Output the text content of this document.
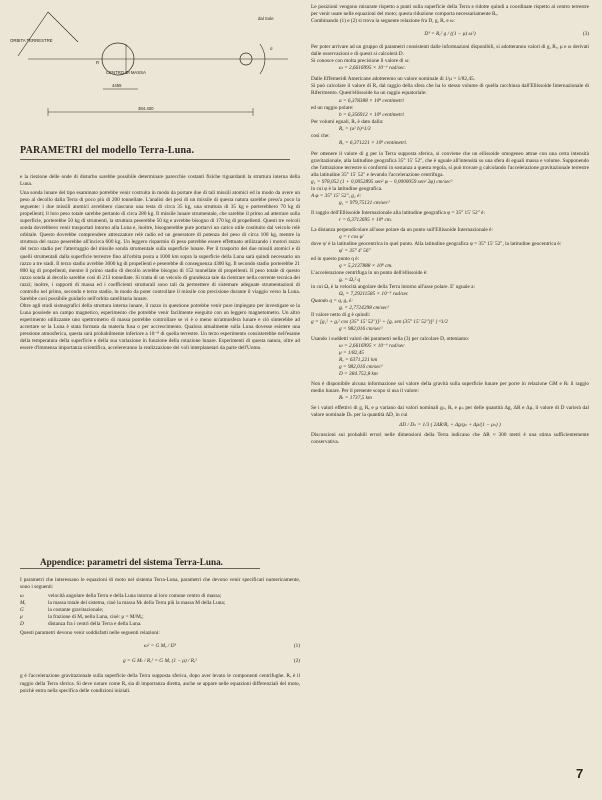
ORBITA TERRESTRE
CENTRO DI MASSA
dal Sole
4455
384.400
R
σ
PARAMETRI del modello Terra-Luna.

e la riezione delle onde di disturbo sarebbe possibile determinare parecchie costanti fisiche riguardanti la struttura interna della Luna.

Una sonda lunare del tipo esaminato potrebbe venir costruita in modo da portare due di tali missili atomici ed in modo da avere un peso al decollo dalla Terra di poco più di 200 tonnellate. L'analisi dei pesi di un missile di questa natura sarebbe press'a poco la seguente: i due missili atomici avrebbero ciascuno una testa di circa 35 kg, una struttura di 35 kg e porterebbero 70 kg di propellenti; il loro peso totale sarebbe pertanto di circa 280 kg. Il missile lunare strumentale, che sarebbe il primo ad atterrare sulla superficie, porterebbe 50 kg di strumenti, la struttura peserebbe 50 kg e avrebbe bisogno di 170 kg di propellenti. Questi tre veicoli sonda dovrebbero venir trasportati intorno alla Luna e, inoltre, bisognerebbe pure portarvi un carico utile costituito dal veicolo relè orbitale. Questo dovrebbe comprendere attrezzature relè radio ed un generatore di potenza del peso di circa 100 kg, mentre la struttura del razzo peserebbe all'incirca 600 kg. Un leggero risparmio di peso potrebbe essere effettuato utilizzando i motori razzo del terzo stadio per l'atterraggio del missile sonda strumentale sulla superficie lunare. Per il trasporto dei due missili atomici e di quelli strumentali dalla superficie terrestre fino all'orbita posta a 1000 km sopra la superficie della Luna sarà quindi necessario un razzo a tre stadi. Il terzo stadio avrebbe 3000 kg di propellenti e peserebbe di conseguenza 4300 kg. Il secondo stadio porterebbe 21 800 kg di propellenti, mentre il primo stadio di decollo avrebbe bisogno di 152 tonnellate di propellenti. Il peso totale di questo razzo sonda al decollo sarebbe così di 213 tonnellate. Si tratta di un veicolo di grandezza tale da rientrare nella corrente tecnica dei razzi; inoltre, i rapporti di massa ed i coefficienti strutturali sono tali da permettere di sistemare adeguate strumentazioni di controllo nel primo, secondo e terzo stadio, in modo da poter controllare il missile con precisione durante il viaggio verso la Luna. Sarebbe così possibile guidarlo nell'orbita satellitaria lunare.

Oltre agli studi sismografici della struttura interna lunare, il razzo in questione potrebbe venir pure impiegato per investigare se la Luna possiede un campo magnetico, esperimento che potrebbe venir facilmente eseguito con un leggero magnetometro. Un altro esperimento utilizzante uno spettrometro di massa potrebbe controllare se vi è o meno un'atmosfera lunare e ciò sinterebbe ad accertare se la Luna è stata formata da materia fusa o per accrescimento. Qualora attualmente sulla Luna dovesse esistere una pressione atmosferica, questa sarà probabilmente inferiore a 10⁻⁸ di quella terrestre. Un terzo esperimento consisterebbe nell'esame della temperatura della superficie e della sua variazione in funzione della rotazione lunare. Esperimenti di questa natura, oltre ad essere d'immensa importanza scientifica, accelereranno la realizzazione dei voli interplanetari da parte dell'Uomo.

Appendice: parametri del sistema Terra-Luna.

I parametri che interessano le equazioni di moto nel sistema Terra-Luna, parametri che devono venir specificati numericamente, sono i seguenti:

ω	velocità angolare della Terra e della Luna intorno al loro comune centro di massa;
Mₑ	la massa totale del sistema, cioè la massa Mₜ della Terra più la massa M della Luna;
G	la costante gravitazionale;
μ	la frazione di Mₑ nella Luna, cioè: μ = M/Mₑ;
D	distanza fra i centri della Terra e della Luna.

Questi parametri devono venir soddisfatti nelle seguenti relazioni:

ω² = G Mₑ / D³	(1)
g = G Mₜ / Rₑ² = G Mₑ (1 − μ) / Rₑ²	(2)

g è l'accelerazione gravitazionale sulla superficie della Terra supposta sferica, dopo aver levato le componenti centrifughe. Rₑ è il raggio della Terra sferica. Si deve notare come Rₑ sia di importanza diretta, anche se appare nelle equazioni differenziali del moto, poichè entra nella specifica delle condizioni iniziali.

Le posizioni vengono misurate rispetto a punti sulla superficie della Terra e ridotte quindi a coordinate rispetto al centro terrestre per venir usate nelle equazioni del moto; questa riduzione comporta necessariamente Rₑ.

Combinando (1) e (2) si trova la seguente relazione fra D, g, Rₑ e ω:

D³ = Rₑ² g / ((1 − μ) ω²)	(3)

Per poter arrivare ad un gruppo di parametri consistenti dalle informazioni disponibili, si adotteranno valori di g, Rₑ, μ e ω derivati dalle osservazioni e di questi si calcolerà D.

Si conosce con molta precisione il valore di ω:

ω = 2,6616995 × 10⁻⁶ rad/sec.

Dalle Effemeridi Americane adotteremo un valore nominale di 1/μ = 1/82,45.

Si può calcolare il valore di Rₑ dal raggio della sfera che ha lo stesso volume di quella racchiusa dall'Ellissoide Internazionale di Riferimento. Quest'ellissoide ha un raggio equatoriale:

a = 6,378388 × 10⁸ centimetri

ed un raggio polare:

b = 6,356912 × 10⁸ centimetri

Per volumi eguali, Rₑ è dato dalla:

Rₑ = (a² b)^1/3

così che:

Rₑ = 6,371221 × 10⁸ centimetri.

Per ottenere il valore di g per la Terra supposta sferica, si conviene che un ellissoide omogeneo attrae con una certa intensità gravitazionale, alla latitudine geografica 35° 15′ 52″, che è uguale all'intensità su una sfera di eguali massa e volume. Supponendo che l'attrazione terrestre si conformi in sostanza a questa regola, si può trovare g calcolando l'accelerazione gravitazionale terrestre alla latitudine 35° 15′ 52″ e levando l'accelerazione centrifuga.

g₁ = 978,052 (1 + 0,0052895 sen² φ − 0,0000059 sen² 2φ) cm/sec²

in cui φ è la latitudine geografica.

A φ = 35° 15′ 52″, g₁ è:

g₁ = 979,75131 cm/sec²

Il raggio dell'Ellissoide Internazionale alla latitudine geografica φ = 35° 15′ 52″ è:

r = 6,3712695 × 10⁸ cm.

La distanza perpendicolare all'asse polare da un punto sull'Ellissoide Internazionale è:

q = r cos φ′

dove φ′ è la latitudine geocentrica in quel punto. Alla latitudine geografica φ = 35° 15′ 52″, la latitudine geocentrica è:

φ′ = 35° 4′ 56″

ed in questo punto q è:

q = 5,2137888 × 10⁸ cm.

L'accelerazione centrifuga in un punto dell'ellissoide è:

gₑ = Ωₑ² q

in cui Ωₑ è la velocità angolare della Terra intorno all'asse polare. E' uguale a:

Ωₑ = 7,29211585 × 10⁻⁵ rad/sec

Quando q = q, gₑ è:

gₑ = 2,7724298 cm/sec²

Il valore netto di g è quindi:

g = [g₁² + gₑ² cos (35° 15′ 52″)]² + [gₑ sen (35° 15′ 52″)]² } ^1/2

g = 982,016 cm/sec²

Usando i suddetti valori dei parametri nella (3) per calcolare D, otteniamo:

ω = 2,6616995 × 10⁻⁶ rad/sec

μ = 1/82,45

Rₑ = 6371,221 km

g = 982,016 cm/sec²

D = 384.752,8 km

Non è disponibile alcuna informazione sul valore della gravità sulla superficie lunare per porre in relazione GM e Rₗ il raggio medio lunare. Per il presente scopo si usa il valore:

Rₗ = 1737,5 km

Se i valori effettivi di g, Rₑ e μ variano dai valori nominali gₙ, Rₑ e μₙ per delle quantità Δg, ΔR e Δμ, il valore di D varierà dal valore nominale Dₙ per la quantità ΔD, in cui

ΔD / Dₙ = 1/3 ( 2ΔR/Rₑ + Δg/gₙ + Δμ/(1 − μₙ) )

Discussioni sui probabili errori nelle dimensioni della Terra indicano che ΔR ≈ 300 metri è una stima sufficientemente conservativa.

7
